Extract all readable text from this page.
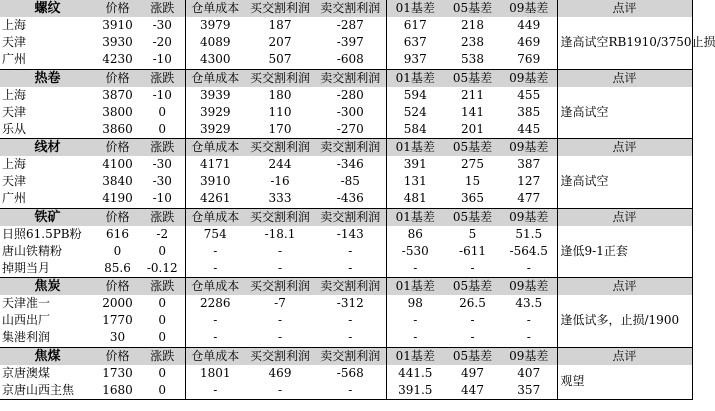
螺纹	价格	涨跌	仓单成本	买交割利润	卖交割利润	01基差	05基差	09基差	点评
上海	3910	-30	3979	187	-287	617	218	449	逢高试空RB1910/3750止损
天津	3930	-20	4089	207	-397	637	238	469	
广州	4230	-10	4300	507	-608	937	538	769	
热卷	价格	涨跌	仓单成本	买交割利润	卖交割利润	01基差	05基差	09基差	点评
上海	3870	-10	3939	180	-280	594	211	455	逢高试空
天津	3800	0	3929	110	-300	524	141	385	
乐从	3860	0	3929	170	-270	584	201	445	
线材	价格	涨跌	仓单成本	买交割利润	卖交割利润	01基差	05基差	09基差	点评
上海	4100	-30	4171	244	-346	391	275	387	逢高试空
天津	3840	-30	3910	-16	-85	131	15	127	
广州	4190	-10	4261	333	-436	481	365	477	
铁矿	价格	涨跌	仓单成本	买交割利润	卖交割利润	01基差	05基差	09基差	点评
日照61.5PB粉	616	-2	754	-18.1	-143	86	5	51.5	逢低9-1正套
唐山铁精粉	0	0	-	-	-	-530	-611	-564.5	
掉期当月	85.6	-0.12	-	-	-	-	-	-	
焦炭	价格	涨跌	仓单成本	买交割利润	卖交割利润	01基差	05基差	09基差	点评
天津准一	2000	0	2286	-7	-312	98	26.5	43.5	逢低试多，止损/1900
山西出厂	1770	0	-	-	-	-	-	-	
集港利润	30	0	-	-	-	-	-	-	
焦煤	价格	涨跌	仓单成本	买交割利润	卖交割利润	01基差	05基差	09基差	点评
京唐澳煤	1730	0	1801	469	-568	441.5	497	407	观望
京唐山西主焦	1680	0	-	-	-	391.5	447	357	
